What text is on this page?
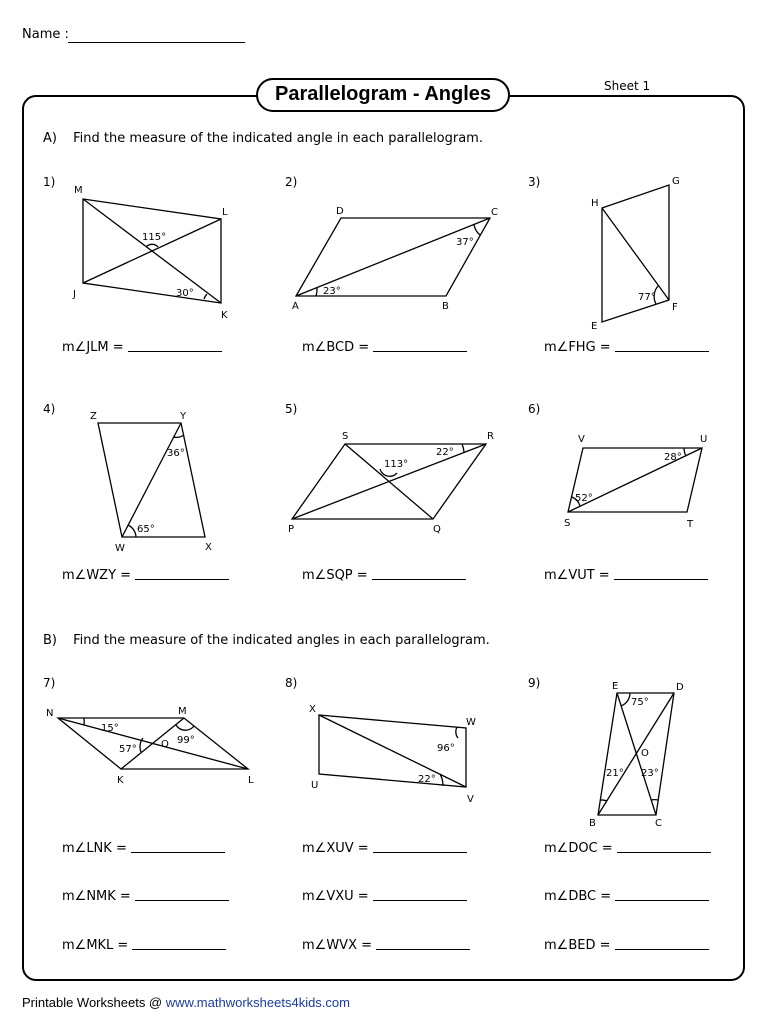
Name :
Parallelogram - Angles	Sheet 1
A) Find the measure of the indicated angle in each parallelogram.
B) Find the measure of the indicated angles in each parallelogram.
1)	2)	3)
4)	5)	6)
7)	8)	9)
m∠JLM =	m∠BCD =	m∠FHG =
m∠WZY =	m∠SQP =	m∠VUT =
m∠LNK =
m∠NMK =
m∠MKL =
m∠XUV =
m∠VXU =
m∠WVX =
m∠DOC =
m∠DBC =
m∠BED =
M
L
J
K
115°
30°
D	C
A	B
37°
23°
G
H
F
E
77°
Z	Y
W	X
36°
65°
S	R
P	Q
113°
22°
V	U
S	T
28°
52°
N	M
K	L
O
15°
57°
99°
X
W
U
V
96°
22°
E	D
O
B	C
75°
21° 23°
Printable Worksheets @ www.mathworksheets4kids.com
